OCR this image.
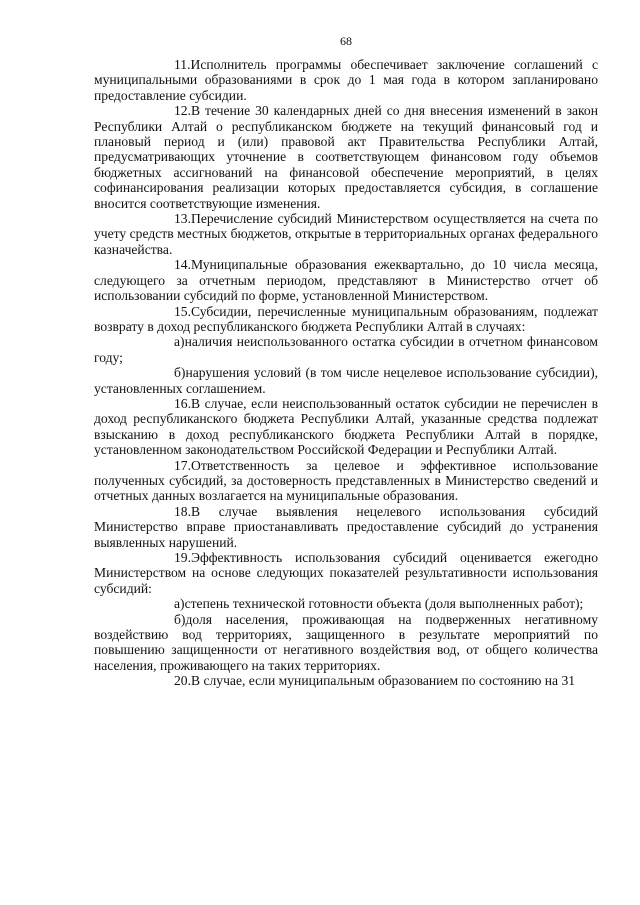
68

11.Исполнитель программы обеспечивает заключение соглашений с муниципальными образованиями в срок до 1 мая года в котором запланировано предоставление субсидии.

12.В течение 30 календарных дней со дня внесения изменений в закон Республики Алтай о республиканском бюджете на текущий финансовый год и плановый период и (или) правовой акт Правительства Республики Алтай, предусматривающих уточнение в соответствующем финансовом году объемов бюджетных ассигнований на финансовой обеспечение мероприятий, в целях софинансирования реализации которых предоставляется субсидия, в соглашение вносится соответствующие изменения.

13.Перечисление субсидий Министерством осуществляется на счета по учету средств местных бюджетов, открытые в территориальных органах федерального казначейства.

14.Муниципальные образования ежеквартально, до 10 числа месяца, следующего за отчетным периодом, представляют в Министерство отчет об использовании субсидий по форме, установленной Министерством.

15.Субсидии, перечисленные муниципальным образованиям, подлежат возврату в доход республиканского бюджета Республики Алтай в случаях:

а)наличия неиспользованного остатка субсидии в отчетном финансовом году;

б)нарушения условий (в том числе нецелевое использование субсидии), установленных соглашением.

16.В случае, если неиспользованный остаток субсидии не перечислен в доход республиканского бюджета Республики Алтай, указанные средства подлежат взысканию в доход республиканского бюджета Республики Алтай в порядке, установленном законодательством Российской Федерации и Республики Алтай.

17.Ответственность за целевое и эффективное использование полученных субсидий, за достоверность представленных в Министерство сведений и отчетных данных возлагается на муниципальные образования.

18.В случае выявления нецелевого использования субсидий Министерство вправе приостанавливать предоставление субсидий до устранения выявленных нарушений.

19.Эффективность использования субсидий оценивается ежегодно Министерством на основе следующих показателей результативности использования субсидий:

а)степень технической готовности объекта (доля выполненных работ);

б)доля населения, проживающая на подверженных негативному воздействию вод территориях, защищенного в результате мероприятий по повышению защищенности от негативного воздействия вод, от общего количества населения, проживающего на таких территориях.

20.В случае, если муниципальным образованием по состоянию на 31
